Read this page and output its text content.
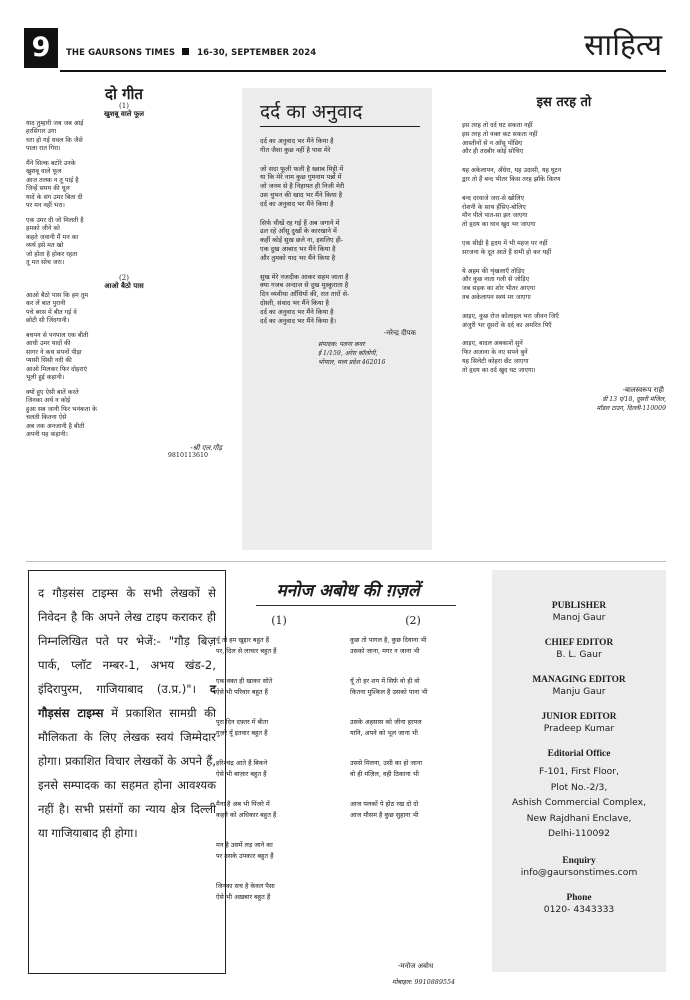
9	THE GAURSONS TIMES	16-30, SEPTEMBER 2024	साहित्य
दो गीत
(1)
खुशबू वाले फूल

याद तुम्हारी जब जब आई
हरसिंगार उगा
धरा हो गई धवल कि जैसे
पाला रात गिरा।

मैंने सिल्क बटोरे उनके
खुशबू वाले फूल
आज तलक न तू पाई है
जिन्हें समय की धूल
यादें के संग उमर बिता दी
पर मन नहीं भरा।

एक उमर दी जो मिलती है
हमको जीने को
कहते जवानी मैं मन का
व्यर्थ इसे मत खो
जो होता है होकर रहता
तू मत सोच जरा।

(2)
आओ बैठो पास

आओ बैठो पास कि हम तुम
कर लें बात पुरानी
पचे बरस में बीत गई वे
छोटी सी जिंदगानी।

बचपन से पनपाल एक बीती
आधी उमर यादों की
सागर ने कथ सपनों पीड़ा
प्यासी सिसी नदी की
आओ मिलकर फिर दोहराएं
भूली हुई कहानी।

क्यों हुए ऐसी बातें करते
जिनका अर्थ न कोई
हुआ सब जानी फिर भनंकता के
चलती कितना ऐसे
अब तक अनजानी है बीती
अपनी यह कहानी।

-श्री एल.गौड़
9810113610
दर्द का अनुवाद

दर्द का अनुवाद भर मैंने किया है
गीत जैसा कुछ नहीं है पास मेरे

जो सदा फूली फली है ख्वाब मिट्टी में
या कि मेरे नाम कुछ गुमनाम पन्नों में
जो जनम से है निहायत ही निजी मेरी
उस चुभन की खाद भर मैंने किया है
दर्द का अनुवाद भर मैंने किया है

सिर्फ चीखें रह गई हैं अब जगाने में
ढल रहे आँसू दुखों के कारखाने में
कहीं कोई सुख छले ना, इसलिए ही-
एक दुख आबाद भर मैंने किया है
और तुमको याद भर मैंने किया है

सुख मेरे नजदीक आकर सहम जाता है
क्या गजब अन्दाज से दुख मुस्कुराता है
दिन व्यवीथा आँधियों की, रात तारों से-
दोस्ती, संवाद भर मैंने किया है
दर्द का अनुवाद भर मैंने किया है
दर्द का अनुवाद भर मैंने किया है।

-नरेन्द्र दीपक
संपादक: पलना कवर
ई 1/159, अरेरा कॉलोनी,
भोपाल, मध्य प्रदेश 462016
इस तरह तो

इस तरह तो दर्द घट सकता नहीं
इस तरह तो वक्त कट सकता नहीं
आस्तीनों से न आँसू पोंछिए
और ही तदबीर कोई सोचिए

यह अकेलापन, अँधेरा, यह उदासी, यह घुटन
द्वार तो हैं बन्द भीतर किस तरह झाँके किरण

बन्द दरवाजे जरा-से खोलिए
रोशनी के साथ हँसिए-बोलिए
मौन पीले पात-सा झर जाएगा
तो हृदय का घाव खुद भर जाएगा

एक सीढ़ी है हृदय में भी महज पर नहीं
सरजना के दूत आते हैं सभी हो कर यहीं

ये अहम की शृंखलाएँ तोड़िए
और कुछ नाता गली से जोड़िए
जब सड़क का शोर भीतर आएगा
तब अकेलापन स्वयं मर जाएगा

आइए, कुछ रोज कोलाहल भरा जीवन जिएँ
अंजुरी भर दूसरों के दर्द का अमरित पिएँ

आइए, बादल अबकाशें सुनें
फिर अजाना के नए सपने बुनें
यह सिलेटी कोहरा छँट जाएगा
तो हृदय का दर्द खुद घट जाएगा।

-बालस्वरूप राही
डी 13 ए/18, दूसरी मंजिल,
मॉडल टाउन, दिल्ली-110009
द गौड़संस टाइम्स के सभी लेखकों से निवेदन है कि अपने लेख टाइप कराकर ही निम्नलिखित पते पर भेजें:- "गौड़ बिज़ पार्क, प्लॉट नम्बर-1, अभय खंड-2, इंदिरापुरम, गाजियाबाद (उ.प्र.)"। द गौड़संस टाइम्स में प्रकाशित सामग्री की मौलिकता के लिए लेखक स्वयं जिम्मेदार होगा। प्रकाशित विचार लेखकों के अपने हैं, इनसे सम्पादक का सहमत होना आवश्यक नहीं है। सभी प्रसंगों का न्याय क्षेत्र दिल्ली या गाजियाबाद ही होगा।
मनोज अबोध की ग़ज़लें
(1)
यूँ तो हम खुद्दार बहुत हैं
पर, दिल से लाचार बहुत हैं
एक वक्त ही खाकर सोते
ऐसे भी परिवार बहुत हैं
पूरा दिन दफ़्तर में बीता
गुज़रे यूँ इतवार बहुत हैं
हरिश्चंद्र आते हैं बिकने
ऐसे भी बाज़ार बहुत हैं
मैना है अब भी पिंजरे में
कहने को अधिकार बहुत हैं
मन है उसमें लड़ जाने का
पर उसके उपकार बहुत हैं
जिनका सच है केवल पैसा
ऐसे भी अख़बार बहुत हैं
(2)
कुछ तो पागल है, कुछ दिवाना भी
उसको जाना, मगर न जाना भी
यूँ तो हर शय में सिर्फ़ वो ही वो
कितना मुश्किल है उसको पाना भी
उसके अहसास को जीना हरपल
यानि, अपने को भूल जाना भी
उससे मिलना, उसी का हो जाना
वो ही मंज़िल, वही ठिकाना भी
आज पलकों पे होठ रख दो दो
आज मौसम है कुछ सुहाना भी
-मनोज अबोध
मोबाइल: 9910889554
PUBLISHER
Manoj Gaur
CHIEF EDITOR
B. L. Gaur
MANAGING EDITOR
Manju Gaur
JUNIOR EDITOR
Pradeep Kumar
Editorial Office
F-101, First Floor,
Plot No.-2/3,
Ashish Commercial Complex,
New Rajdhani Enclave,
Delhi-110092
Enquiry
info@gaursonstimes.com
Phone
0120- 4343333
